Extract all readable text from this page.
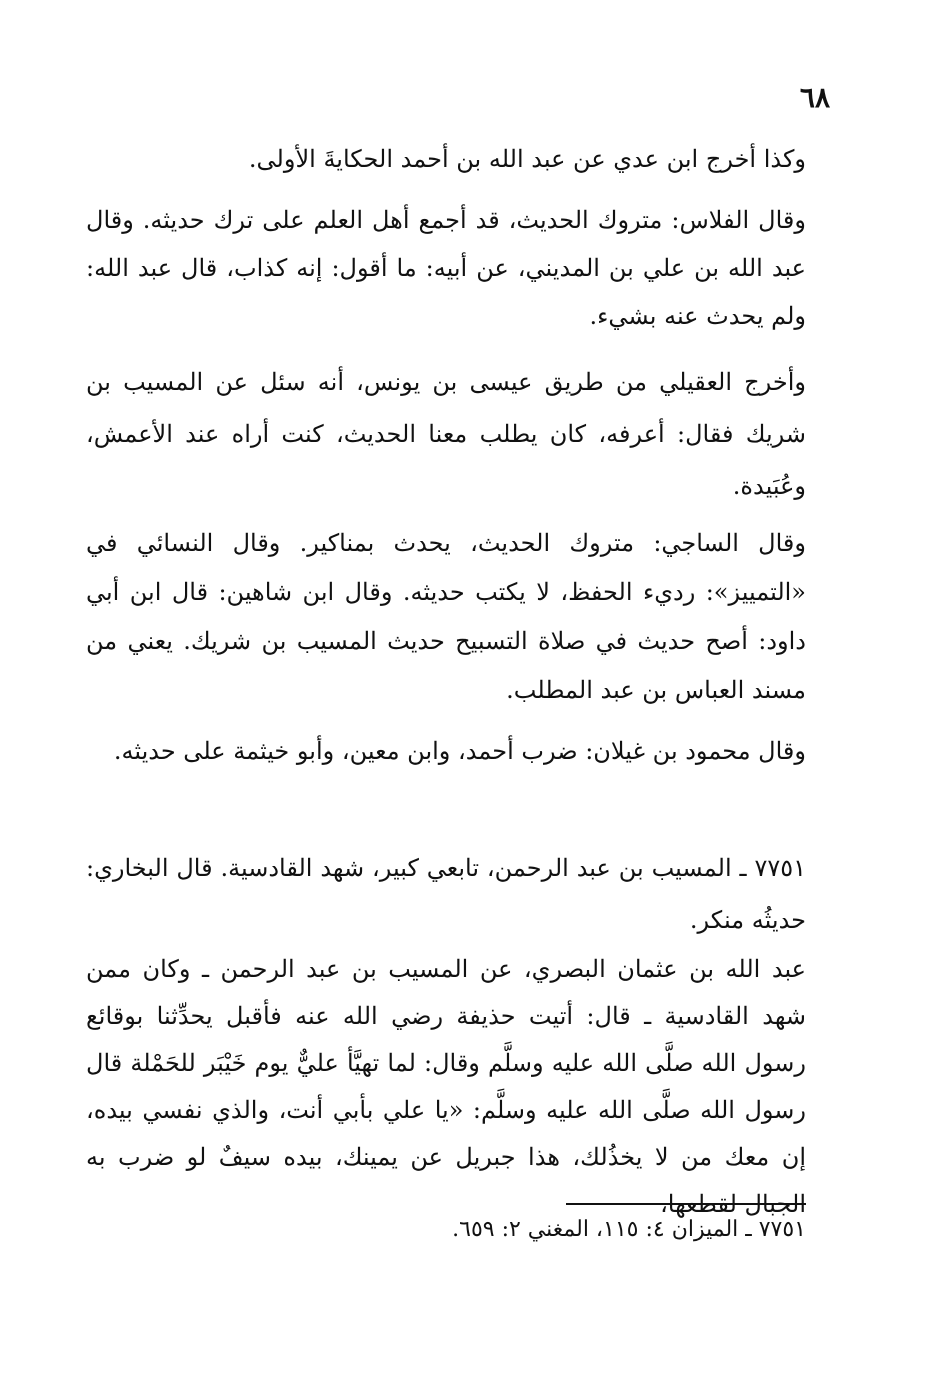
٦٨

وكذا أخرج ابن عدي عن عبد الله بن أحمد الحكايةَ الأولى.

وقال الفلاس: متروك الحديث، قد أجمع أهل العلم على ترك حديثه. وقال عبد الله بن علي بن المديني، عن أبيه: ما أقول: إنه كذاب، قال عبد الله: ولم يحدث عنه بشيء.

وأخرج العقيلي من طريق عيسى بن يونس، أنه سئل عن المسيب بن شريك فقال: أعرفه، كان يطلب معنا الحديث، كنت أراه عند الأعمش، وعُبَيدة.

وقال الساجي: متروك الحديث، يحدث بمناكير. وقال النسائي في «التمييز»: رديء الحفظ، لا يكتب حديثه. وقال ابن شاهين: قال ابن أبي داود: أصح حديث في صلاة التسبيح حديث المسيب بن شريك. يعني من مسند العباس بن عبد المطلب.

وقال محمود بن غيلان: ضرب أحمد، وابن معين، وأبو خيثمة على حديثه.

٧٧٥١ ـ المسيب بن عبد الرحمن، تابعي كبير، شهد القادسية. قال البخاري: حديثُه منكر.

عبد الله بن عثمان البصري، عن المسيب بن عبد الرحمن ـ وكان ممن شهد القادسية ـ قال: أتيت حذيفة رضي الله عنه فأقبل يحدِّثنا بوقائع رسول الله صلَّى الله عليه وسلَّم وقال: لما تهيَّأ عليٌّ يوم خَيْبَر للحَمْلة قال رسول الله صلَّى الله عليه وسلَّم: «يا علي بأبي أنت، والذي نفسي بيده، إن معك من لا يخذُلك، هذا جبريل عن يمينك، بيده سيفٌ لو ضرب به الجبال لقطعها،

٧٧٥١ ـ الميزان ٤: ١١٥، المغني ٢: ٦٥٩.
